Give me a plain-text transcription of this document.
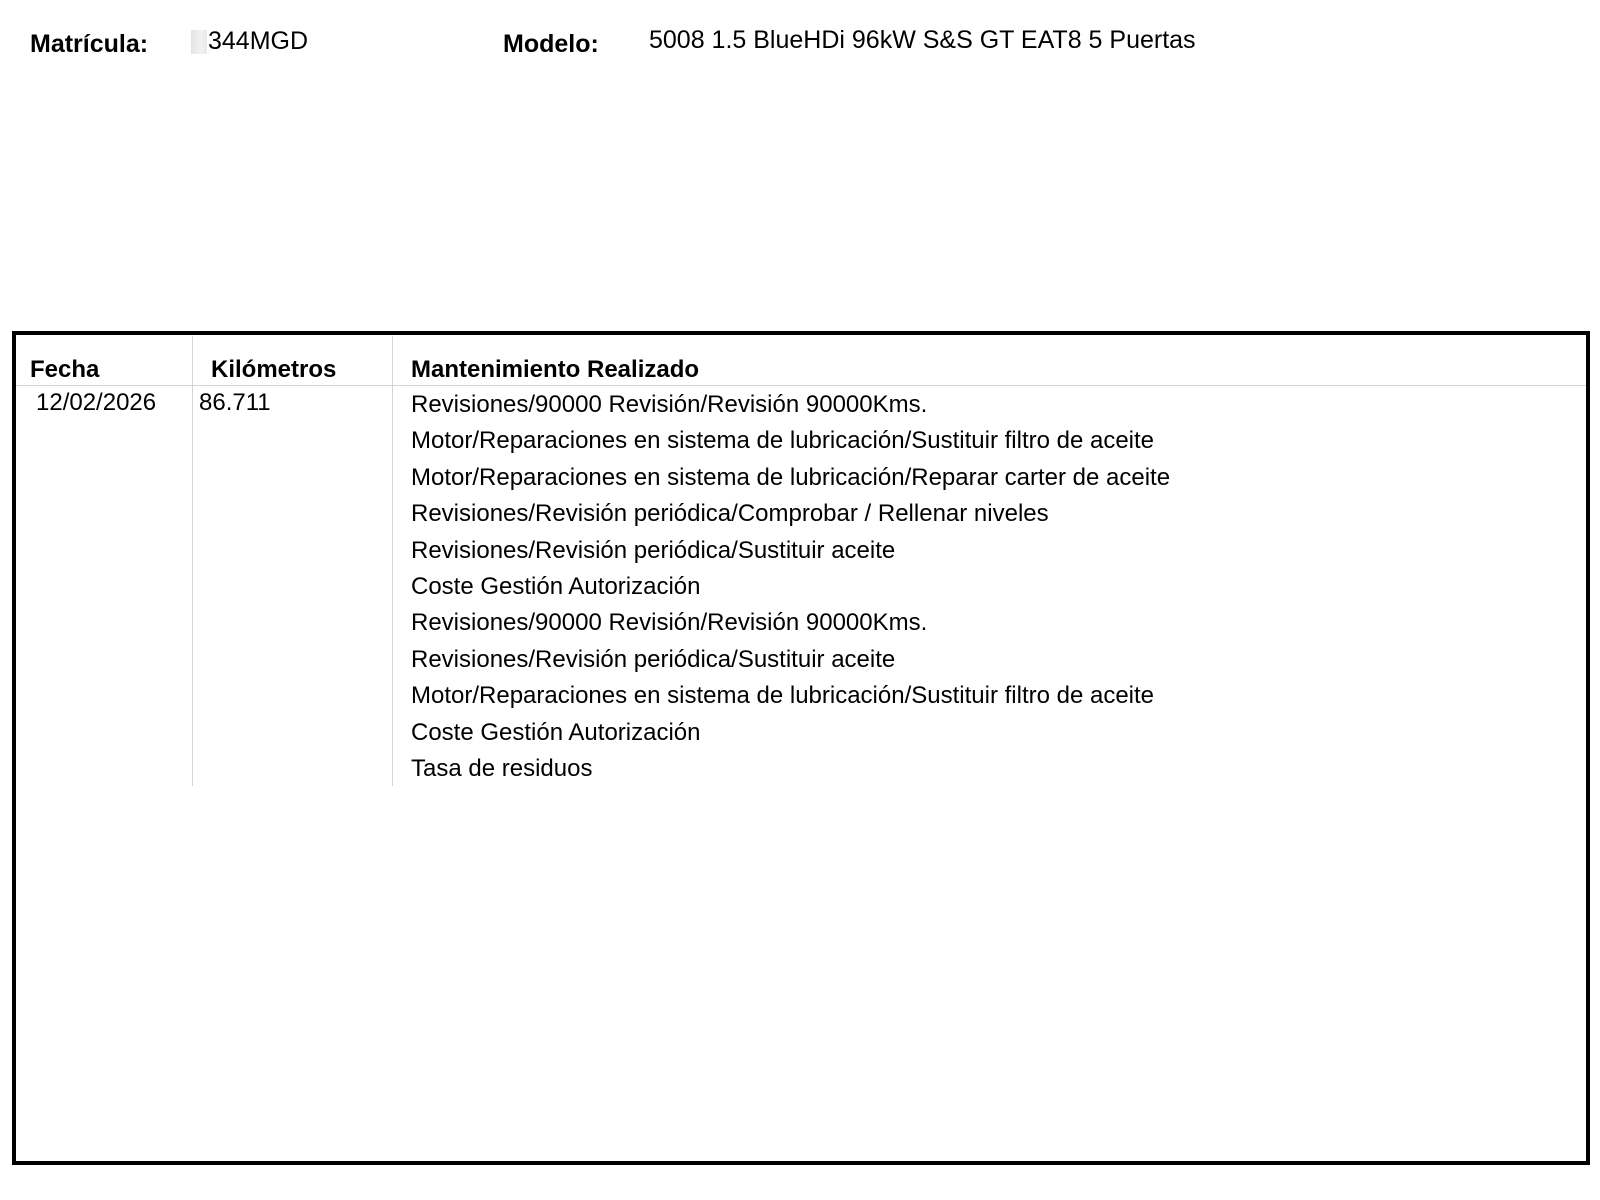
Matrícula: 344MGD	Modelo: 5008 1.5 BlueHDi 96kW S&S GT EAT8 5 Puertas
Fecha	Kilómetros	Mantenimiento Realizado
12/02/2026 86.711	Revisiones/90000 Revisión/Revisión 90000Kms.
Motor/Reparaciones en sistema de lubricación/Sustituir filtro de aceite
Motor/Reparaciones en sistema de lubricación/Reparar carter de aceite
Revisiones/Revisión periódica/Comprobar / Rellenar niveles
Revisiones/Revisión periódica/Sustituir aceite
Coste Gestión Autorización
Revisiones/90000 Revisión/Revisión 90000Kms.
Revisiones/Revisión periódica/Sustituir aceite
Motor/Reparaciones en sistema de lubricación/Sustituir filtro de aceite
Coste Gestión Autorización
Tasa de residuos
